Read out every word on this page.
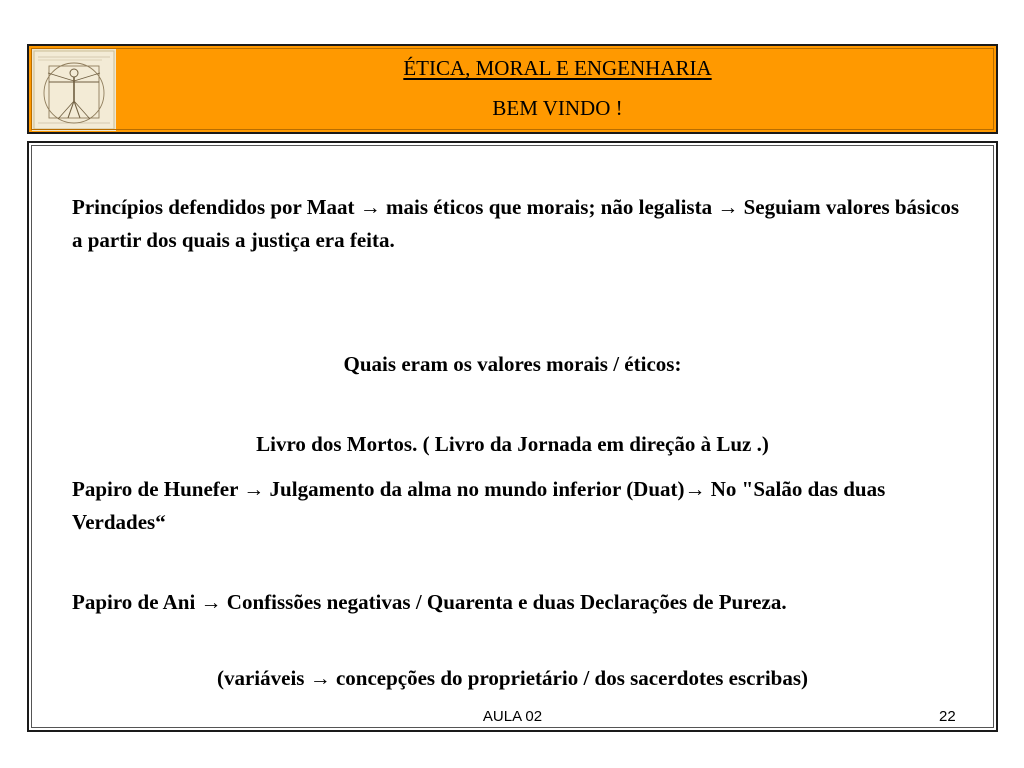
ÉTICA, MORAL E ENGENHARIA
BEM VINDO !

Princípios defendidos por Maat → mais éticos que morais; não legalista → Seguiam valores básicos a partir dos quais a justiça era feita.

Quais eram os valores morais / éticos:

Livro dos Mortos. ( Livro da Jornada em direção à Luz .)

Papiro de Hunefer → Julgamento da alma no mundo inferior (Duat)→ No "Salão das duas Verdades“

Papiro de Ani → Confissões negativas / Quarenta e duas Declarações de Pureza.

(variáveis → concepções do proprietário / dos sacerdotes escribas)

AULA 02	22
